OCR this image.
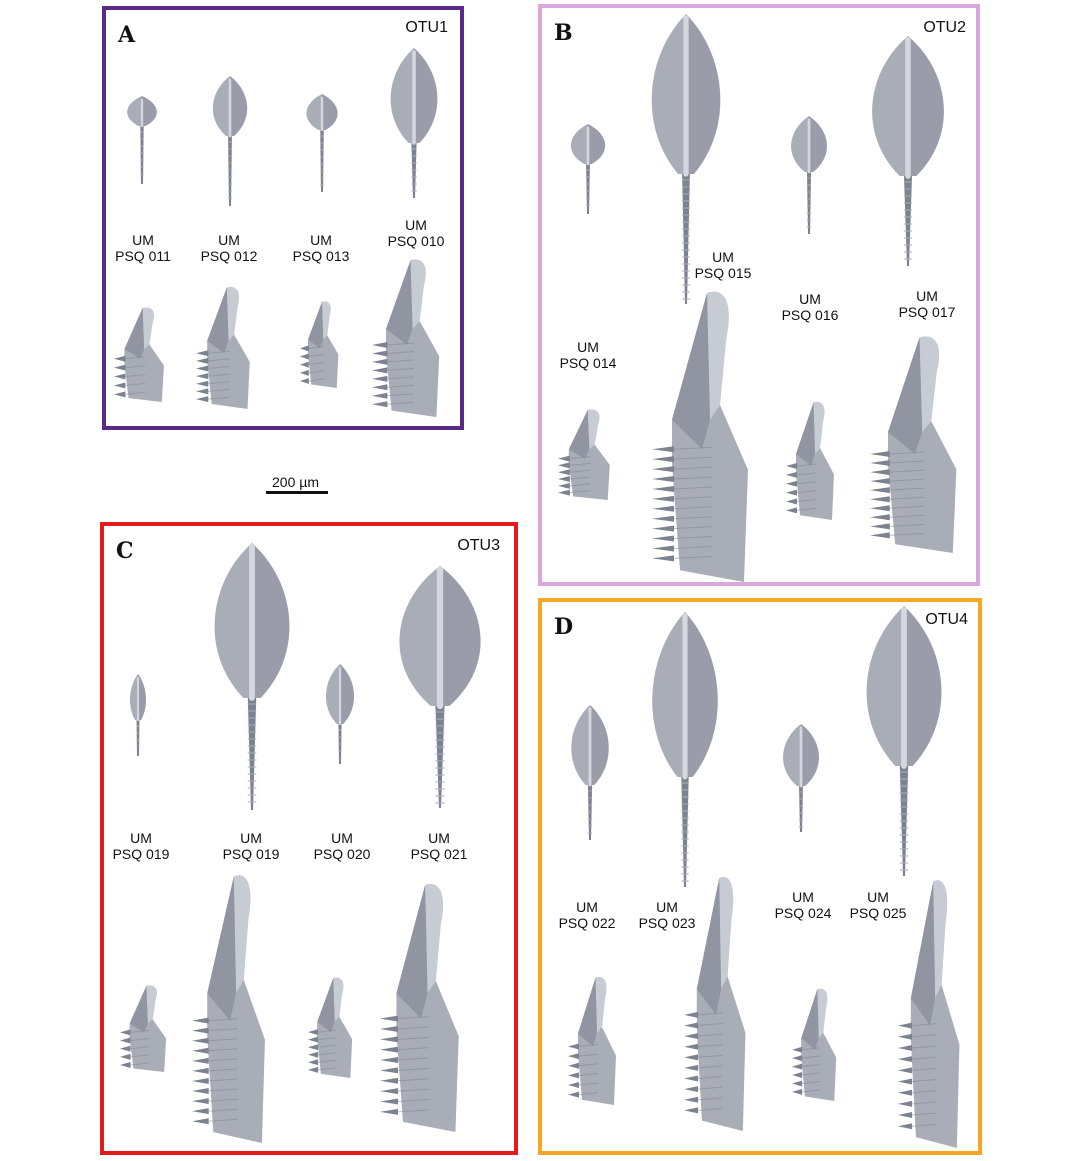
A	OTU1	B	OTU2
C	OTU3
D	OTU4
UM
PSQ 011
UM
PSQ 012
UM
PSQ 013
UM
PSQ 010
UM
PSQ 014
UM
PSQ 015
UM
PSQ 016
UM
PSQ 017
UM
PSQ 019
UM
PSQ 019
UM
PSQ 020
UM
PSQ 021
UM
PSQ 022
UM
PSQ 023
UM
PSQ 024
UM
PSQ 025
200 µm
